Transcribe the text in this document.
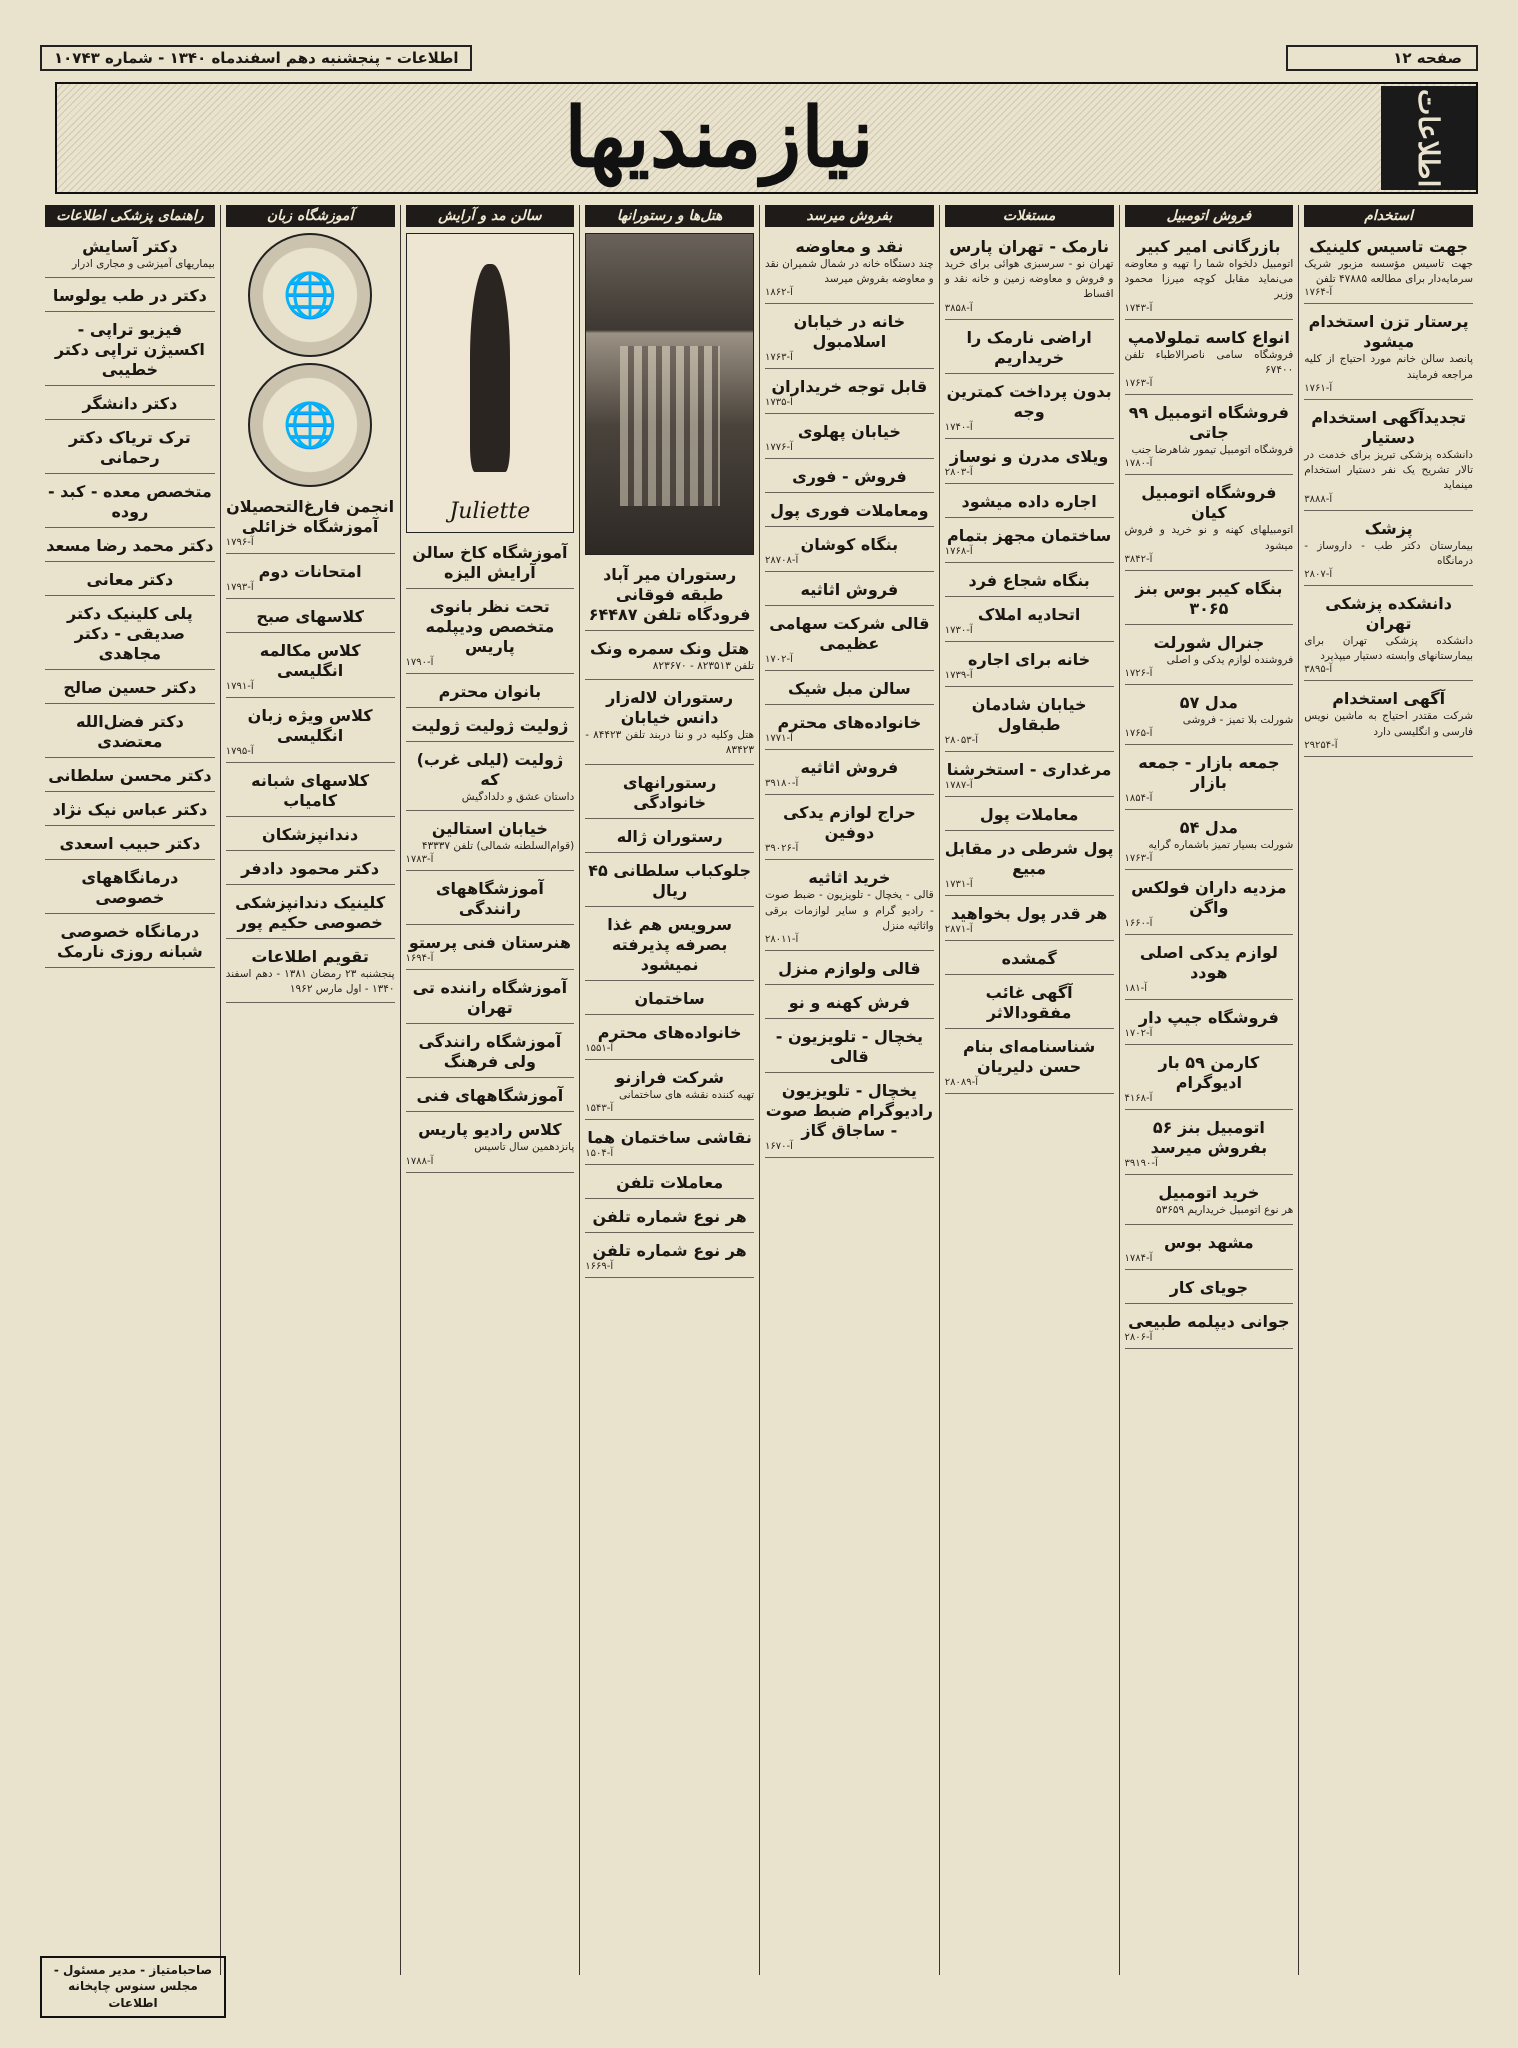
صفحه ۱۲
اطلاعات - پنجشنبه دهم اسفندماه ۱۳۴۰ - شماره ۱۰۷۴۳
اطلاعات
نیازمندیها
استخدام
جهت تاسیس کلینیک
جهت تاسیس مؤسسه مزبور شریک سرمایه‌دار برای مطالعه ۴۷۸۸۵ تلفن
آ-۱۷۶۴
پرستار تزن استخدام میشود
پانصد سالن خانم مورد احتیاج از کلیه مراجعه فرمایند
آ-۱۷۶۱
تجدیدآگهی استخدام دستیار
دانشکده پزشکی تبریز برای خدمت در تالار تشریح یک نفر دستیار استخدام مینماید
آ-۳۸۸۸
پزشک
بیمارستان دکتر طب - داروساز - درمانگاه
آ-۲۸۰۷
دانشکده پزشکی تهران
دانشکده پزشکی تهران برای بیمارستانهای وابسته دستیار میپذیرد
آ-۳۸۹۵
آگهی استخدام
شرکت مقتدر احتیاج به ماشین نویس فارسی و انگلیسی دارد
آ-۲۹۲۵۴
فروش اتومبیل
بازرگانی امیر کبیر
اتومبیل دلخواه شما را تهیه و معاوضه می‌نماید مقابل کوچه میرزا محمود وزیر
آ-۱۷۴۳
انواع کاسه تملولامپ
فروشگاه سامی ناصرالاطباء تلفن ۶۷۴۰۰
آ-۱۷۶۳
فروشگاه اتومبیل ۹۹ جاتی
فروشگاه اتومبیل تیمور شاهرضا جنب
آ-۱۷۸۰
فروشگاه اتومبیل کیان
اتومبیلهای کهنه و نو خرید و فروش میشود
آ-۳۸۴۲
بنگاه کیبر بوس بنز ۳۰۶۵
جنرال شورلت
فروشنده لوازم یدکی و اصلی
آ-۱۷۲۶
مدل ۵۷
شورلت بلا تمیز - فروشی
آ-۱۷۶۵
جمعه بازار - جمعه بازار
آ-۱۸۵۴
مدل ۵۴
شورلت بسیار تمیز باشماره گرایه
آ-۱۷۶۳
مزدیه داران فولکس واگن
آ-۱۶۶۰
لوازم یدکی اصلی هودد
آ-۱۸۱
فروشگاه جیپ دار
آ-۱۷۰۲
کارمن ۵۹ بار ادیوگرام
آ-۴۱۶۸
اتومبیل بنز ۵۶ بفروش میرسد
آ-۳۹۱۹۰
خرید اتومبیل
هر نوع اتومبیل خریداریم ۵۳۶۵۹
مشهد بوس
آ-۱۷۸۴
جویای کار
جوانی دیپلمه طبیعی
آ-۲۸۰۶
مستغلات
نارمک - تهران پارس
تهران نو - سرسبزی هوائی برای خرید و فروش و معاوضه زمین و خانه نقد و اقساط
آ-۳۸۵۸
اراضی نارمک را خریداریم
بدون پرداخت کمترین وجه
آ-۱۷۴۰
ویلای مدرن و نوساز
آ-۲۸۰۳
اجاره داده میشود
ساختمان مجهز بتمام
آ-۱۷۶۸
بنگاه شجاع فرد
اتحادیه املاک
آ-۱۷۳۰
خانه برای اجاره
آ-۱۷۳۹
خیابان شادمان طبقاول
آ-۲۸۰۵۳
مرغداری - استخرشنا
آ-۱۷۸۷
معاملات پول
پول شرطی در مقابل مبیع
آ-۱۷۳۱
هر قدر پول بخواهید
آ-۲۸۷۱
گمشده
آگهی غائب مفقودالاثر
شناسنامه‌ای بنام حسن دلیریان
آ-۲۸۰۸۹
بفروش میرسد
نقد و معاوضه
چند دستگاه خانه در شمال شمیران نقد و معاوضه بفروش میرسد
آ-۱۸۶۲
خانه در خیابان اسلامبول
آ-۱۷۶۳
قابل توجه خریداران
آ-۱۷۳۵
خیابان پهلوی
آ-۱۷۷۶
فروش - فوری
ومعاملات فوری پول
بنگاه کوشان
آ-۲۸۷۰۸
فروش اثاثیه
قالی شرکت سهامی عظیمی
آ-۱۷۰۲
سالن مبل شیک
خانواده‌های محترم
آ-۱۷۷۱
فروش اثاثیه
آ-۳۹۱۸۰
حراج لوازم یدکی دوفین
آ-۳۹۰۲۶
خرید اثاثیه
قالی - یخچال - تلویزیون - ضبط صوت - رادیو گرام و سایر لوازمات برقی واثاثیه منزل
آ-۲۸۰۱۱
قالی ولوازم منزل
فرش کهنه و نو
یخچال - تلویزیون - قالی
یخچال - تلویزیون رادیوگرام ضبط صوت - ساجاق گاز
آ-۱۶۷۰
هتل‌ها و رستورانها
رستوران میر آباد طبقه فوقانی فرودگاه تلفن ۶۴۴۸۷
هتل ونک سمره ونک
تلفن ۸۲۳۵۱۳ - ۸۲۳۶۷۰
رستوران لاله‌زار دانس خیابان
هتل وکلیه در و ننا دربند تلفن ۸۴۴۲۳ - ۸۳۴۲۳
رستورانهای خانوادگی
رستوران ژاله
جلوکباب سلطانی ۴۵ ریال
سرویس هم غذا بصرفه پذیرفته نمیشود
ساختمان
خانواده‌های محترم
آ-۱۵۵۱
شرکت فرازنو
تهیه کننده نقشه های ساختمانی
آ-۱۵۴۳
نقاشی ساختمان هما
آ-۱۵۰۴
معاملات تلفن
هر نوع شماره تلفن
هر نوع شماره تلفن
آ-۱۶۶۹
سالن مد و آرایش
Juliette
آموزشگاه کاخ سالن آرایش الیزه
تحت نظر بانوی متخصص ودیپلمه پاریس
آ-۱۷۹۰
بانوان محترم
ژولیت ژولیت ژولیت
ژولیت (لیلی غرب) که
داستان عشق و دلدادگیش
خیابان استالین
(قوام‌السلطنه شمالی) تلفن ۴۳۳۳۷
آ-۱۷۸۳
آموزشگاههای رانندگی
هنرستان فنی پرستو
آ-۱۶۹۴
آموزشگاه راننده تی تهران
آموزشگاه رانندگی ولی فرهنگ
آموزشگاههای فنی
کلاس رادیو پاریس
پانزدهمین سال تاسیس
آ-۱۷۸۸
آموزشگاه زبان
🌐
🌐
انجمن فارغ‌التحصیلان آموزشگاه خزائلی
آ-۱۷۹۶
امتحانات دوم
آ-۱۷۹۳
کلاسهای صبح
کلاس مکالمه انگلیسی
آ-۱۷۹۱
کلاس ویژه زبان انگلیسی
آ-۱۷۹۵
کلاسهای شبانه کامیاب
دندانپزشکان
دکتر محمود دادفر
کلینیک دندانپزشکی خصوصی حکیم پور
تقویم اطلاعات
پنجشنبه ۲۳ رمضان ۱۳۸۱ - دهم اسفند ۱۳۴۰ - اول مارس ۱۹۶۲
راهنمای پزشکی اطلاعات
دکتر آسایش
بیماریهای آمیزشی و مجاری ادرار
دکتر در طب یولوسا
فیزیو تراپی - اکسیژن تراپی دکتر خطیبی
دکتر دانشگر
ترک تریاک دکتر رحمانی
متخصص معده - کبد - روده
دکتر محمد رضا مسعد
دکتر معانی
پلی کلینیک دکتر صدیقی - دکتر مجاهدی
دکتر حسین صالح
دکتر فضل‌الله معتضدی
دکتر محسن سلطانی
دکتر عباس نیک نژاد
دکتر حبیب اسعدی
درمانگاههای خصوصی
درمانگاه خصوصی شبانه روزی نارمک
صاحبامتیاز - مدیر مسئول - مجلس سنوس چاپخانه اطلاعات
